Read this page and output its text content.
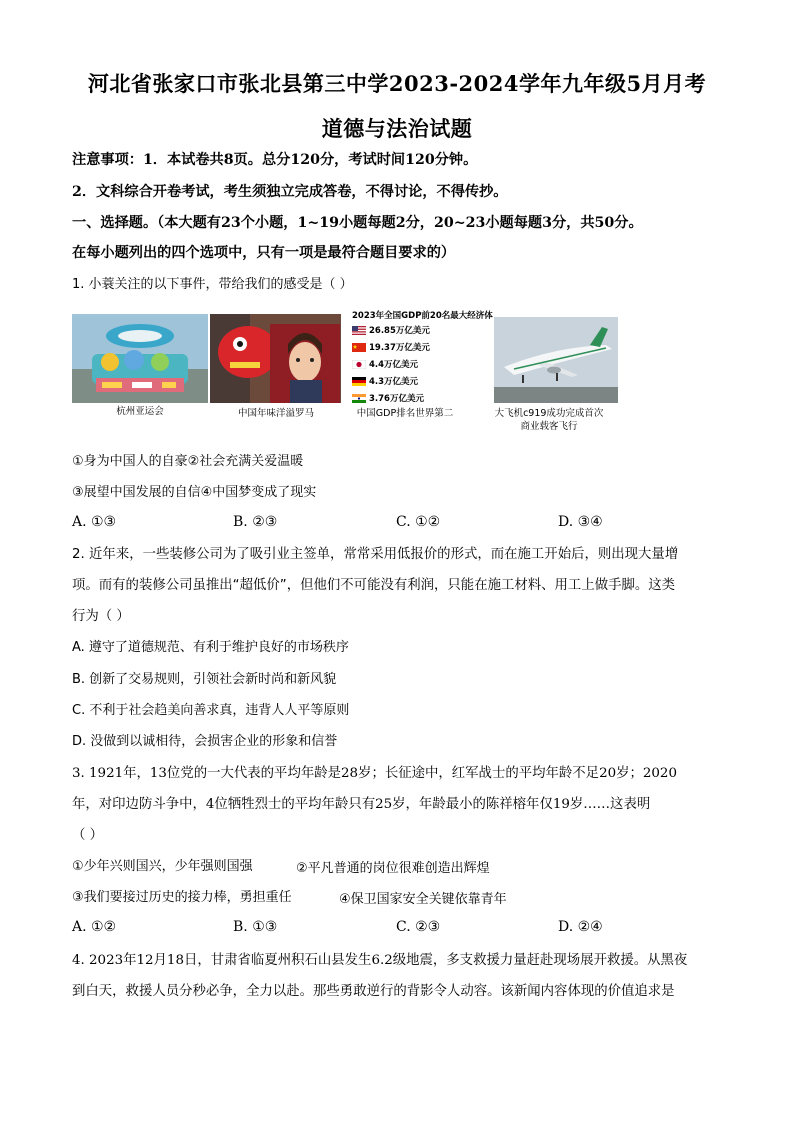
河北省张家口市张北县第三中学2023-2024学年九年级5月月考
道德与法治试题
注意事项：1．本试卷共8页。总分120分，考试时间120分钟。
2．文科综合开卷考试，考生须独立完成答卷，不得讨论，不得传抄。
一、选择题。（本大题有23个小题，1~19小题每题2分，20~23小题每题3分，共50分。
在每小题列出的四个选项中，只有一项是最符合题目要求的）
1. 小蓑关注的以下事件，带给我们的感受是（ ）
2023年全国GDP前20名最大经济体
26.85万亿美元
19.37万亿美元
4.4万亿美元
4.3万亿美元
3.76万亿美元
杭州亚运会	中国年味洋溢罗马	中国GDP排名世界第二	大飞机c919成功完成首次
商业载客飞行
①身为中国人的自豪②社会充满关爱温暖
③展望中国发展的自信④中国梦变成了现实
A. ①③	B. ②③	C. ①②	D. ③④
2. 近年来，一些装修公司为了吸引业主签单，常常采用低报价的形式，而在施工开始后，则出现大量增
项。而有的装修公司虽推出“超低价”，但他们不可能没有利润，只能在施工材料、用工上做手脚。这类
行为（ ）
A. 遵守了道德规范、有利于维护良好的市场秩序
B. 创新了交易规则，引领社会新时尚和新风貌
C. 不利于社会趋美向善求真，违背人人平等原则
D. 没做到以诚相待，会损害企业的形象和信誉
3. 1921年，13位党的一大代表的平均年龄是28岁；长征途中，红军战士的平均年龄不足20岁；2020
年，对印边防斗争中，4位牺牲烈士的平均年龄只有25岁，年龄最小的陈祥榕年仅19岁……这表明
（ ）
①少年兴则国兴，少年强则国强	②平凡普通的岗位很难创造出辉煌
③我们要接过历史的接力棒，勇担重任	④保卫国家安全关键依靠青年
A. ①②	B. ①③	C. ②③	D. ②④
4. 2023年12月18日，甘肃省临夏州积石山县发生6.2级地震，多支救援力量赶赴现场展开救援。从黑夜
到白天，救援人员分秒必争，全力以赴。那些勇敢逆行的背影令人动容。该新闻内容体现的价值追求是
